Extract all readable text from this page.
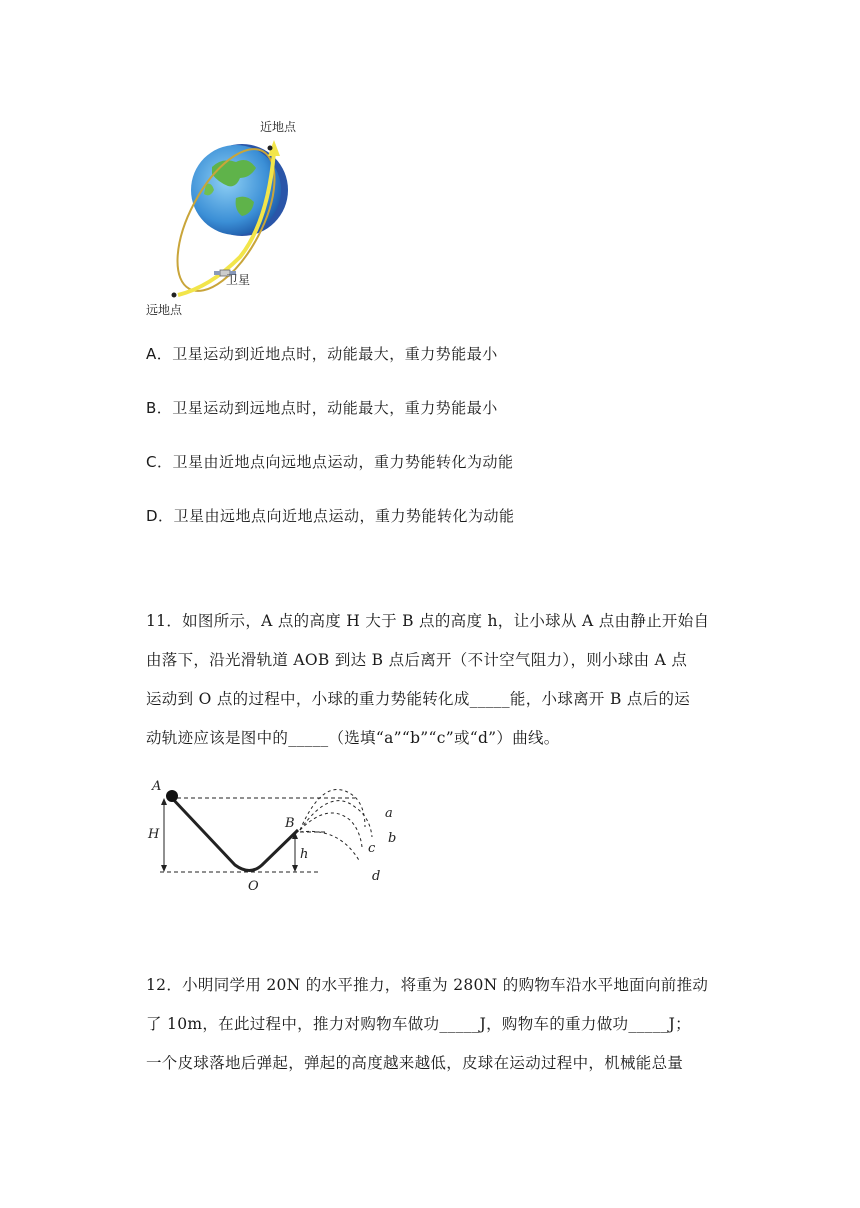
近地点
远地点
卫星
A．卫星运动到近地点时，动能最大，重力势能最小
B．卫星运动到远地点时，动能最大，重力势能最小
C．卫星由近地点向远地点运动，重力势能转化为动能
D．卫星由远地点向近地点运动，重力势能转化为动能

11．如图所示，A 点的高度 H 大于 B 点的高度 h，让小球从 A 点由静止开始自

由落下，沿光滑轨道 AOB 到达 B 点后离开（不计空气阻力），则小球由 A 点

运动到 O 点的过程中，小球的重力势能转化成_____能，小球离开 B 点后的运

动轨迹应该是图中的_____（选填“a”“b”“c”或“d”）曲线。

A
B
O
H
h
a
b
c
d

12．小明同学用 20N 的水平推力，将重为 280N 的购物车沿水平地面向前推动

了 10m，在此过程中，推力对购物车做功_____J，购物车的重力做功_____J；

一个皮球落地后弹起，弹起的高度越来越低，皮球在运动过程中，机械能总量
